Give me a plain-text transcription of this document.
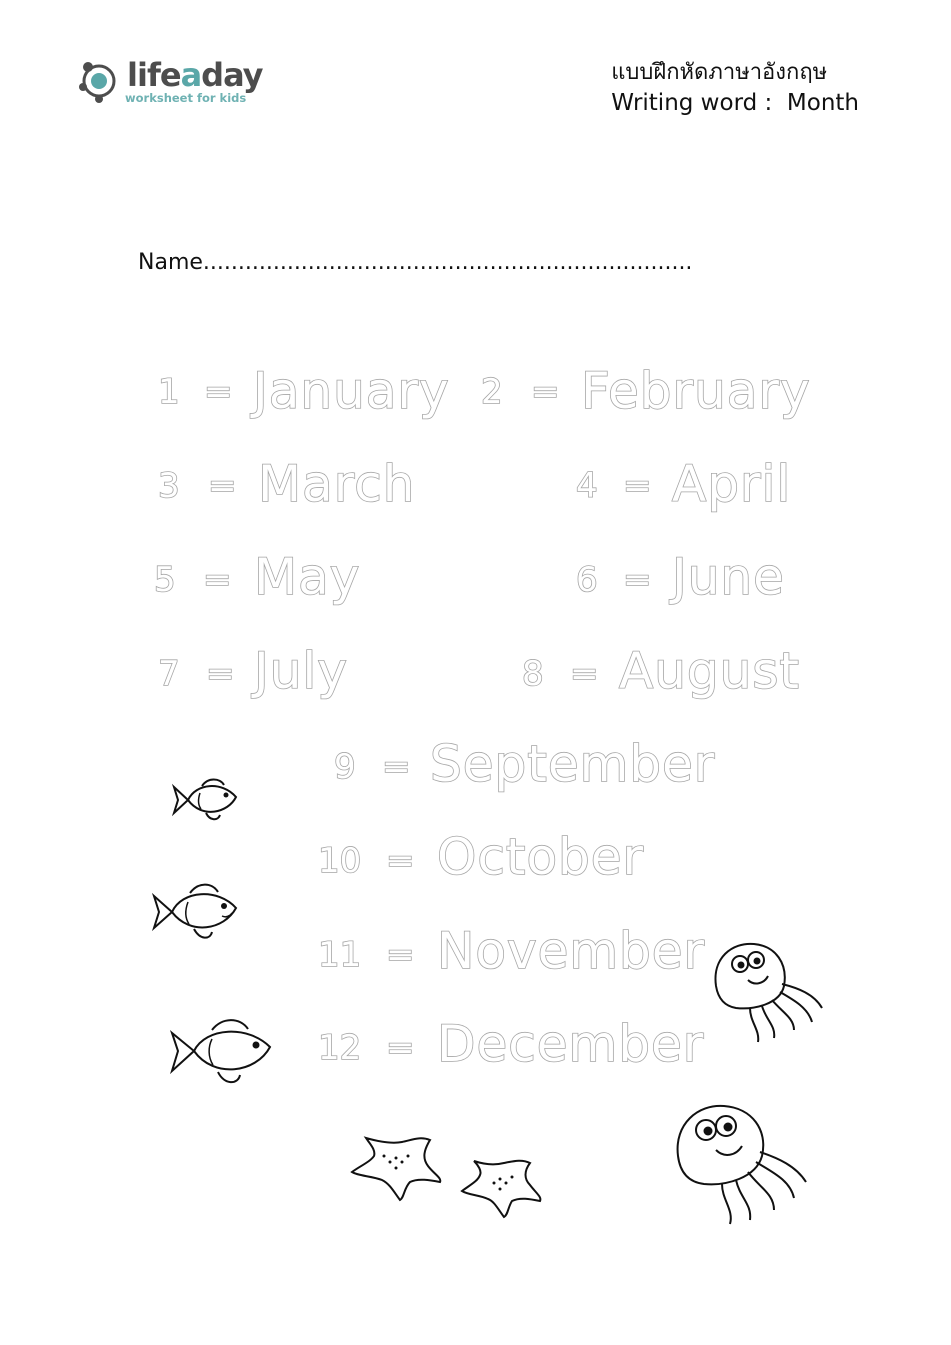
lifeaday
worksheet for kids
แบบฝึกหัดภาษาอังกฤษ
Writing word :  Month
Name......................................................................
1 = January 2 = February
3 = March	4 = April
5 = May	6 = June
7 = July	8 = August
9 = September
10 = October
11 = November
12 = December
